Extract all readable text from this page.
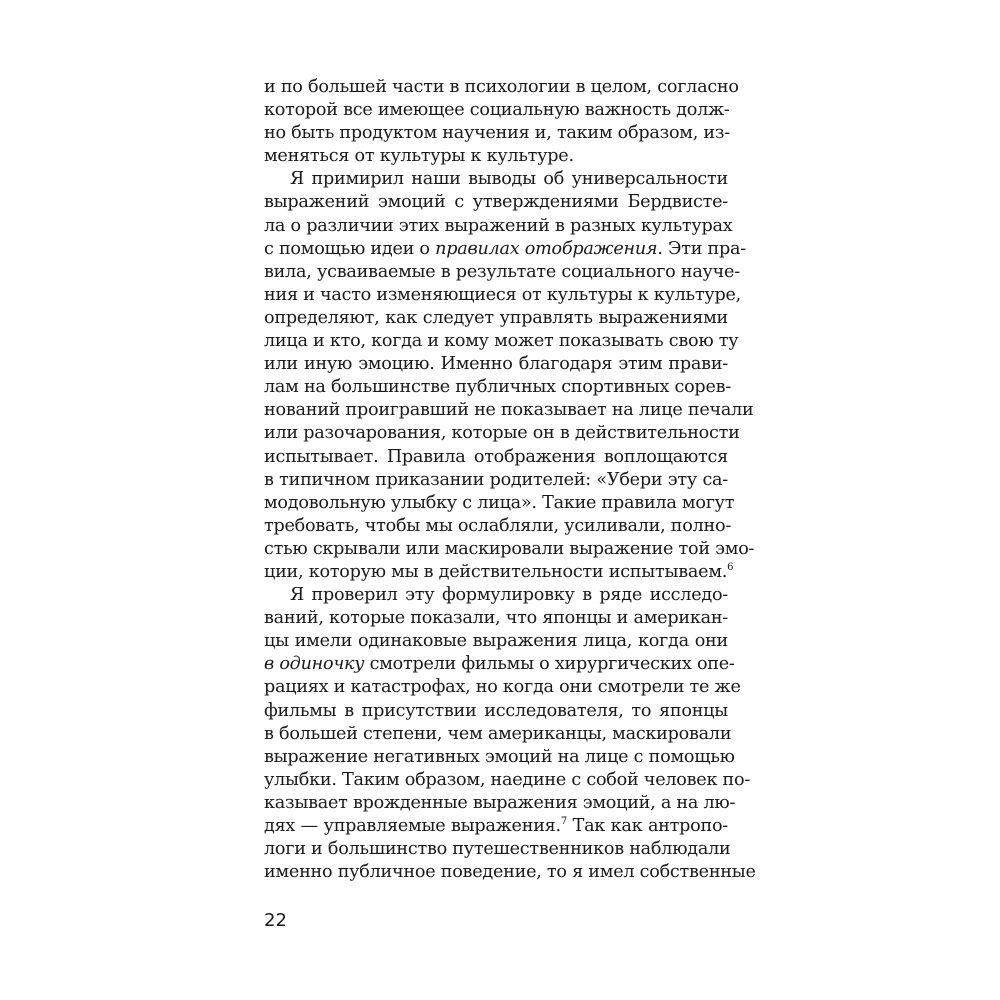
и по большей части в психологии в целом, согласно
которой все имеющее социальную важность долж-
но быть продуктом научения и, таким образом, из-
меняться от культуры к культуре.
Я примирил наши выводы об универсальности
выражений эмоций с утверждениями Бердвисте-
ла о различии этих выражений в разных культурах
с помощью идеи о правилах отображения. Эти пра-
вила, усваиваемые в результате социального науче-
ния и часто изменяющиеся от культуры к культуре,
определяют, как следует управлять выражениями
лица и кто, когда и кому может показывать свою ту
или иную эмоцию. Именно благодаря этим прави-
лам на большинстве публичных спортивных сорев-
нований проигравший не показывает на лице печали
или разочарования, которые он в действительности
испытывает. Правила отображения воплощаются
в типичном приказании родителей: «Убери эту са-
модовольную улыбку с лица». Такие правила могут
требовать, чтобы мы ослабляли, усиливали, полно-
стью скрывали или маскировали выражение той эмо-
ции, которую мы в действительности испытываем.$^6$
Я проверил эту формулировку в ряде исследо-
ваний, которые показали, что японцы и американ-
цы имели одинаковые выражения лица, когда они
в одиночку смотрели фильмы о хирургических опе-
рациях и катастрофах, но когда они смотрели те же
фильмы в присутствии исследователя, то японцы
в большей степени, чем американцы, маскировали
выражение негативных эмоций на лице с помощью
улыбки. Таким образом, наедине с собой человек по-
казывает врожденные выражения эмоций, а на лю-
дях — управляемые выражения.$^7$ Так как антропо-
логи и большинство путешественников наблюдали
именно публичное поведение, то я имел собственные
22
